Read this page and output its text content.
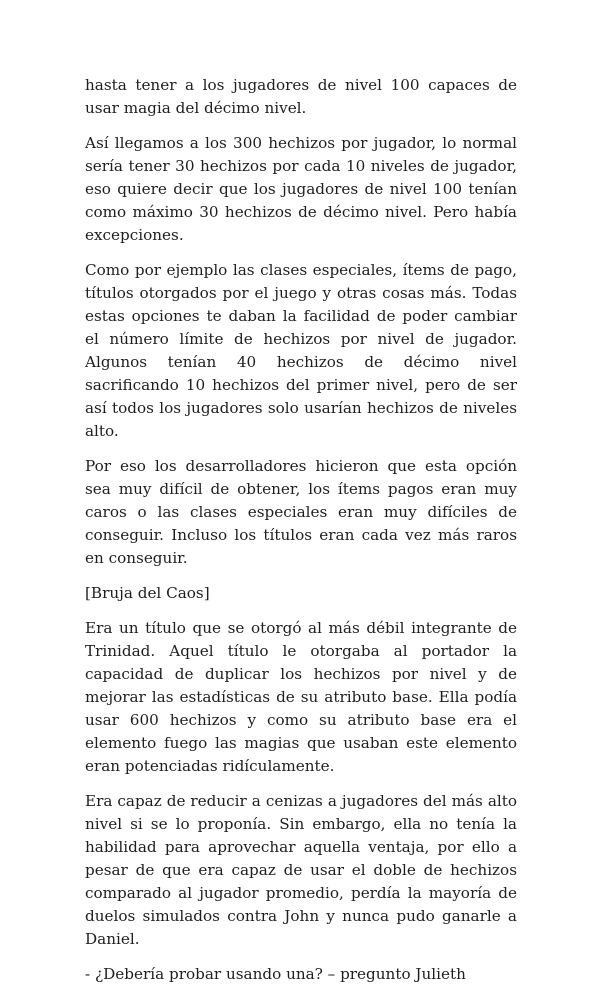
hasta tener a los jugadores de nivel 100 capaces de usar magia del décimo nivel.

Así llegamos a los 300 hechizos por jugador, lo normal sería tener 30 hechizos por cada 10 niveles de jugador, eso quiere decir que los jugadores de nivel 100 tenían como máximo 30 hechizos de décimo nivel. Pero había excepciones.

Como por ejemplo las clases especiales, ítems de pago, títulos otorgados por el juego y otras cosas más. Todas estas opciones te daban la facilidad de poder cambiar el número límite de hechizos por nivel de jugador. Algunos tenían 40 hechizos de décimo nivel sacrificando 10 hechizos del primer nivel, pero de ser así todos los jugadores solo usarían hechizos de niveles alto.

Por eso los desarrolladores hicieron que esta opción sea muy difícil de obtener, los ítems pagos eran muy caros o las clases especiales eran muy difíciles de conseguir. Incluso los títulos eran cada vez más raros en conseguir.

[Bruja del Caos]

Era un título que se otorgó al más débil integrante de Trinidad. Aquel título le otorgaba al portador la capacidad de duplicar los hechizos por nivel y de mejorar las estadísticas de su atributo base. Ella podía usar 600 hechizos y como su atributo base era el elemento fuego las magias que usaban este elemento eran potenciadas ridículamente.

Era capaz de reducir a cenizas a jugadores del más alto nivel si se lo proponía. Sin embargo, ella no tenía la habilidad para aprovechar aquella ventaja, por ello a pesar de que era capaz de usar el doble de hechizos comparado al jugador promedio, perdía la mayoría de duelos simulados contra John y nunca pudo ganarle a Daniel.

- ¿Debería probar usando una? – pregunto Julieth
